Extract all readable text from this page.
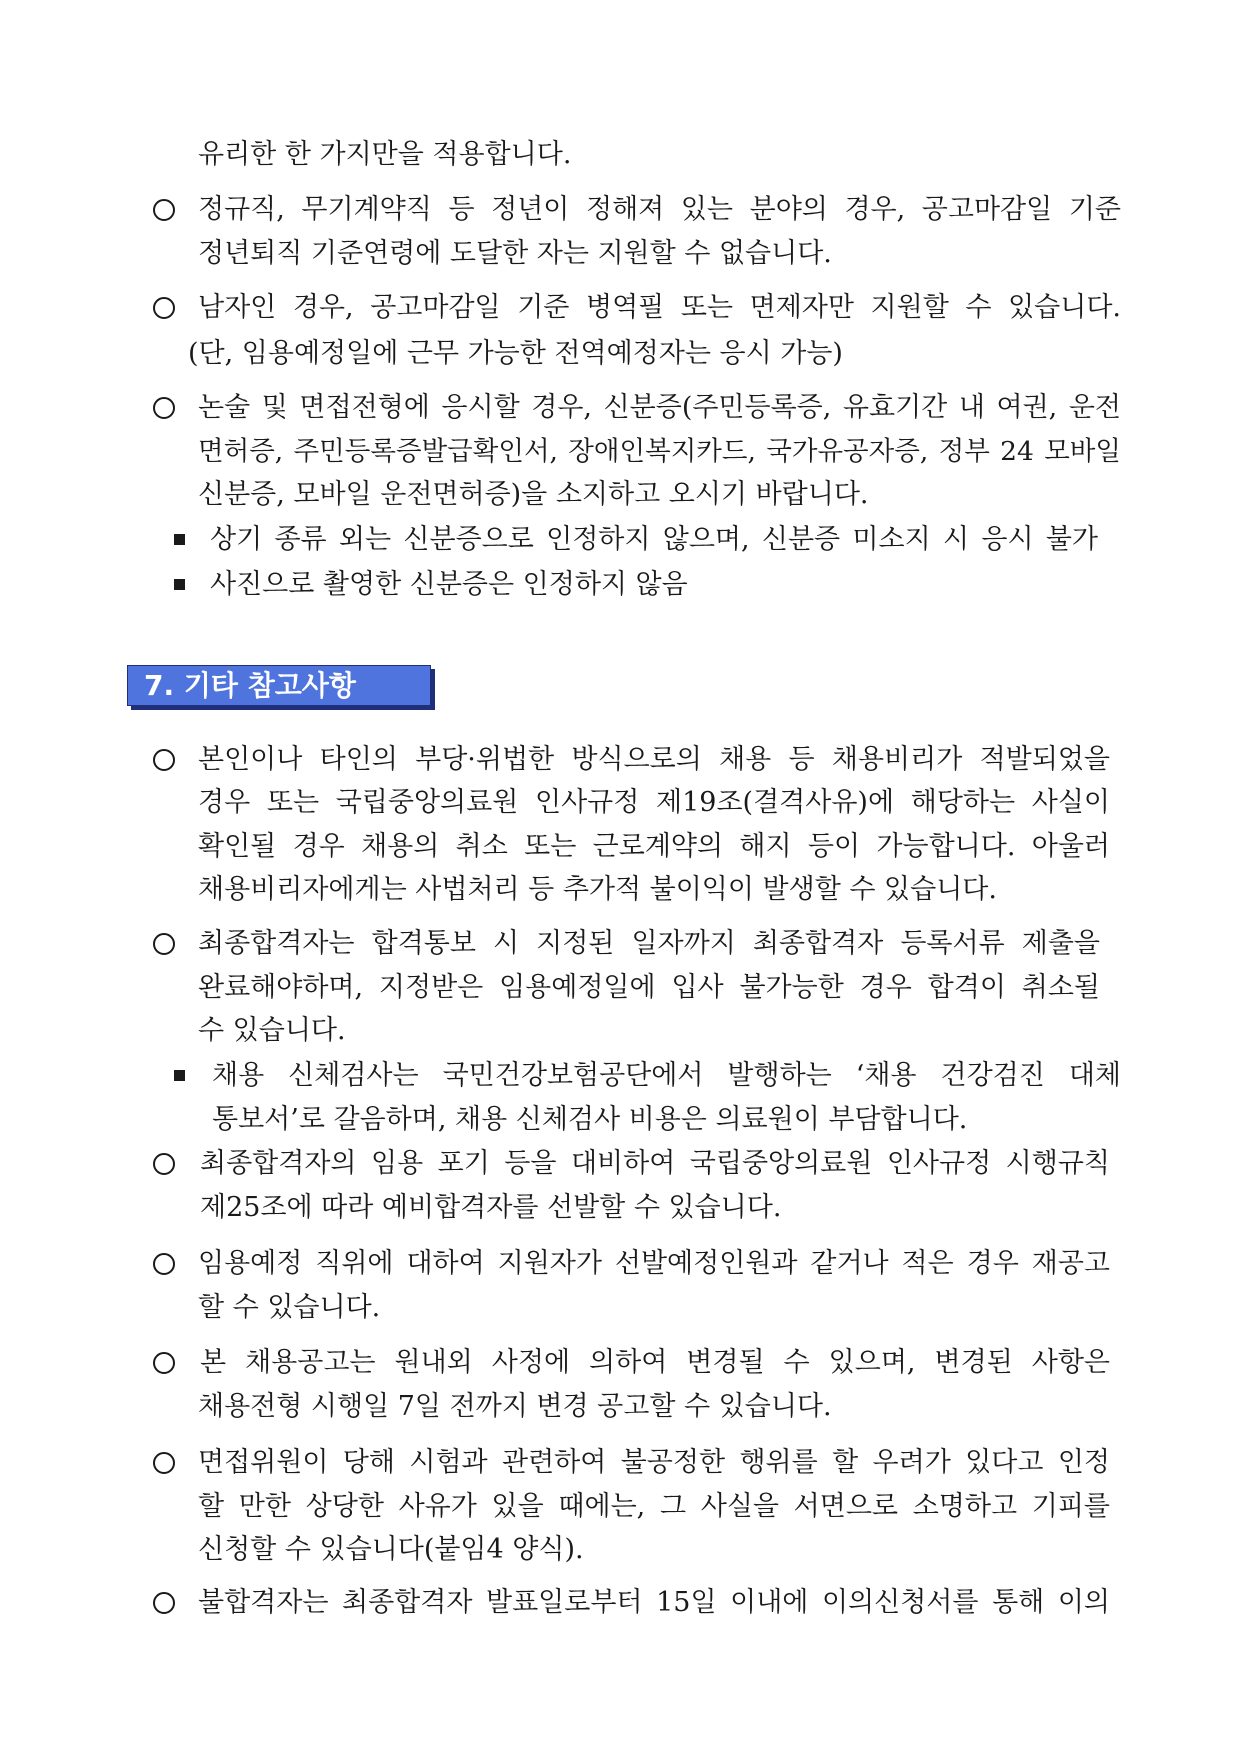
유리한 한 가지만을 적용합니다.
정규직, 무기계약직 등 정년이 정해져 있는 분야의 경우, 공고마감일 기준
정년퇴직 기준연령에 도달한 자는 지원할 수 없습니다.
남자인 경우, 공고마감일 기준 병역필 또는 면제자만 지원할 수 있습니다.
(단, 임용예정일에 근무 가능한 전역예정자는 응시 가능)
논술 및 면접전형에 응시할 경우, 신분증(주민등록증, 유효기간 내 여권, 운전
면허증, 주민등록증발급확인서, 장애인복지카드, 국가유공자증, 정부 24 모바일
신분증, 모바일 운전면허증)을 소지하고 오시기 바랍니다.
상기 종류 외는 신분증으로 인정하지 않으며, 신분증 미소지 시 응시 불가
사진으로 촬영한 신분증은 인정하지 않음
7. 기타 참고사항
본인이나 타인의 부당·위법한 방식으로의 채용 등 채용비리가 적발되었을
경우 또는 국립중앙의료원 인사규정 제19조(결격사유)에 해당하는 사실이
확인될 경우 채용의 취소 또는 근로계약의 해지 등이 가능합니다. 아울러
채용비리자에게는 사법처리 등 추가적 불이익이 발생할 수 있습니다.
최종합격자는 합격통보 시 지정된 일자까지 최종합격자 등록서류 제출을
완료해야하며, 지정받은 임용예정일에 입사 불가능한 경우 합격이 취소될
수 있습니다.
채용 신체검사는 국민건강보험공단에서 발행하는 ‘채용 건강검진 대체
통보서’로 갈음하며, 채용 신체검사 비용은 의료원이 부담합니다.
최종합격자의 임용 포기 등을 대비하여 국립중앙의료원 인사규정 시행규칙
제25조에 따라 예비합격자를 선발할 수 있습니다.
임용예정 직위에 대하여 지원자가 선발예정인원과 같거나 적은 경우 재공고
할 수 있습니다.
본 채용공고는 원내외 사정에 의하여 변경될 수 있으며, 변경된 사항은
채용전형 시행일 7일 전까지 변경 공고할 수 있습니다.
면접위원이 당해 시험과 관련하여 불공정한 행위를 할 우려가 있다고 인정
할 만한 상당한 사유가 있을 때에는, 그 사실을 서면으로 소명하고 기피를
신청할 수 있습니다(붙임4 양식).
불합격자는 최종합격자 발표일로부터 15일 이내에 이의신청서를 통해 이의
